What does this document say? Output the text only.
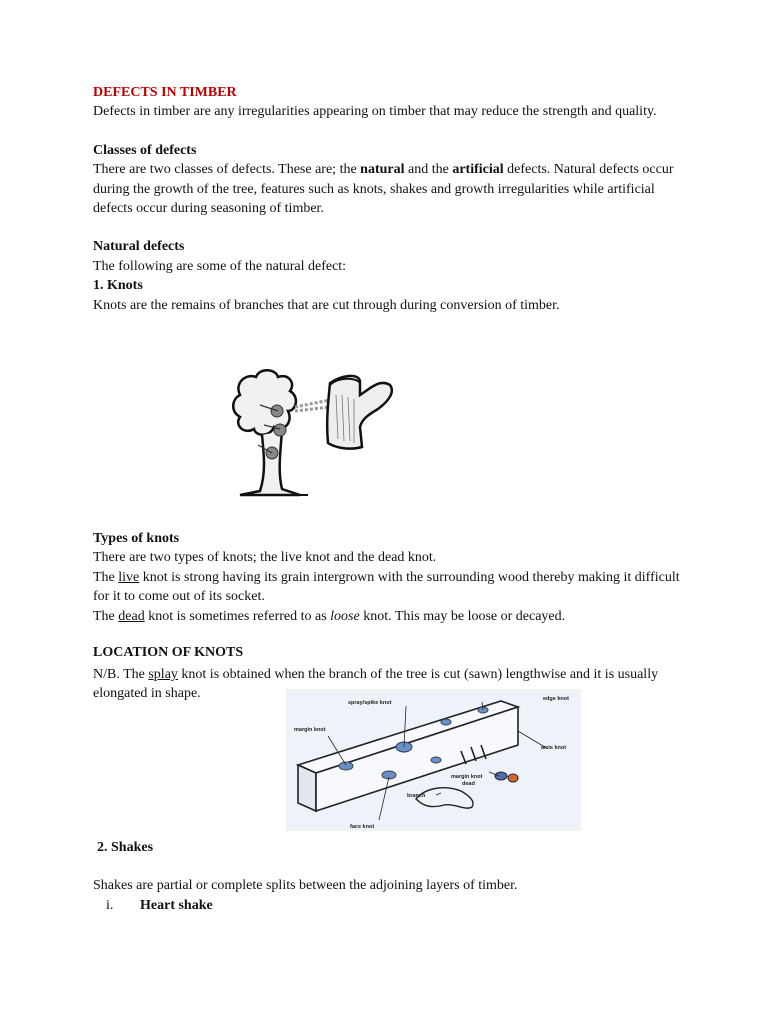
DEFECTS IN TIMBER

Defects in timber are any irregularities appearing on timber that may reduce the strength and quality.

Classes of defects

There are two classes of defects. These are; the natural and the artificial defects. Natural defects occur during the growth of the tree, features such as knots, shakes and growth irregularities while artificial defects occur during seasoning of timber.

Natural defects

The following are some of the natural defect:

1. Knots

Knots are the remains of branches that are cut through during conversion of timber.

Types of knots

There are two types of knots; the live knot and the dead knot.

The live knot is strong having its grain intergrown with the surrounding wood thereby making it difficult for it to come out of its socket.

The dead knot is sometimes referred to as loose knot. This may be loose or decayed.

LOCATION OF KNOTS
N/B. The splay knot is obtained when the branch of the tree is cut (sawn) lengthwise and it is usually elongated in shape.
spray/spike knot
edge knot
margin knot
arris knot
margin knot
dead
branch
face knot
2. Shakes
Shakes are partial or complete splits between the adjoining layers of timber.
i. Heart shake
